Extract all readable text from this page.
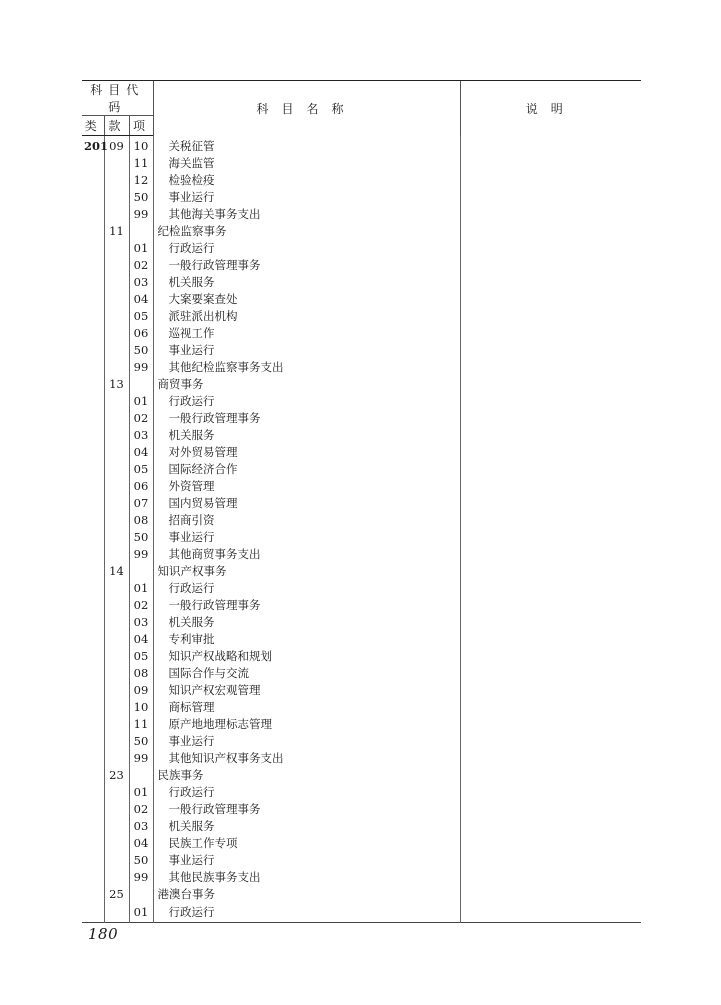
科目代码			科目名称	说明
类	款	项		
201	09	10	关税征管	
		11	海关监管	
		12	检验检疫	
		50	事业运行	
		99	其他海关事务支出	
	11		纪检监察事务	
		01	行政运行	
		02	一般行政管理事务	
		03	机关服务	
		04	大案要案查处	
		05	派驻派出机构	
		06	巡视工作	
		50	事业运行	
		99	其他纪检监察事务支出	
	13		商贸事务	
		01	行政运行	
		02	一般行政管理事务	
		03	机关服务	
		04	对外贸易管理	
		05	国际经济合作	
		06	外资管理	
		07	国内贸易管理	
		08	招商引资	
		50	事业运行	
		99	其他商贸事务支出	
	14		知识产权事务	
		01	行政运行	
		02	一般行政管理事务	
		03	机关服务	
		04	专利审批	
		05	知识产权战略和规划	
		08	国际合作与交流	
		09	知识产权宏观管理	
		10	商标管理	
		11	原产地地理标志管理	
		50	事业运行	
		99	其他知识产权事务支出	
	23		民族事务	
		01	行政运行	
		02	一般行政管理事务	
		03	机关服务	
		04	民族工作专项	
		50	事业运行	
		99	其他民族事务支出	
	25		港澳台事务	
		01	行政运行	

180
